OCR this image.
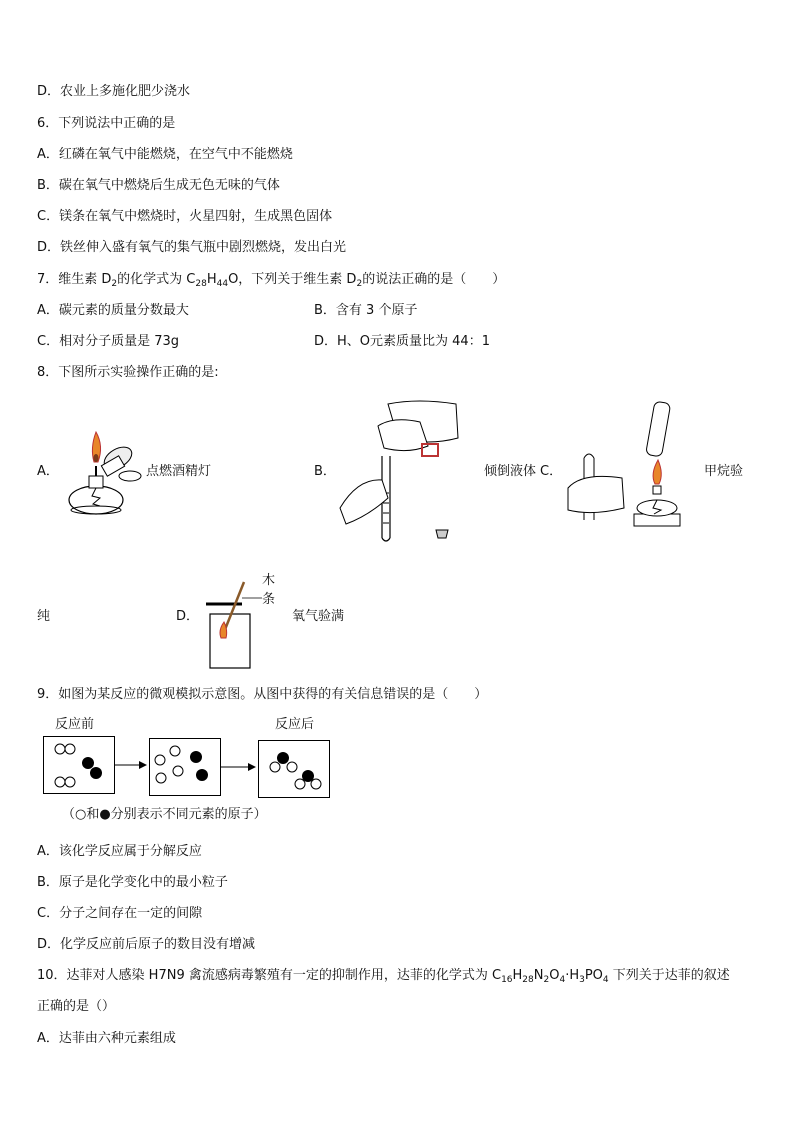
D．农业上多施化肥少浇水
6．下列说法中正确的是
A．红磷在氧气中能燃烧，在空气中不能燃烧
B．碳在氧气中燃烧后生成无色无味的气体
C．镁条在氧气中燃烧时，火星四射，生成黑色固体
D．铁丝伸入盛有氧气的集气瓶中剧烈燃烧，发出白光
7．维生素 $D_2$的化学式为 $C_{28}H_{44}O$，下列关于维生素 $D_2$的说法正确的是（　　）
A．碳元素的质量分数最大	B．含有 3 个原子
C．相对分子质量是 73g	D．H、O元素质量比为 44：1
8．下图所示实验操作正确的是:
A．	点燃酒精灯	B．	倾倒液体 C．	甲烷验
纯	D．
木
条
氧气验满
9．如图为某反应的微观模拟示意图。从图中获得的有关信息错误的是（　　）
反应前	反应后
（○和●分别表示不同元素的原子）
A．该化学反应属于分解反应
B．原子是化学变化中的最小粒子
C．分子之间存在一定的间隙
D．化学反应前后原子的数目没有增减
10．达菲对人感染 H7N9 禽流感病毒繁殖有一定的抑制作用，达菲的化学式为 $C_{16}H_{28}N_2O_4\cdot H_3PO_4$ 下列关于达菲的叙述
正确的是（）
A．达菲由六种元素组成
